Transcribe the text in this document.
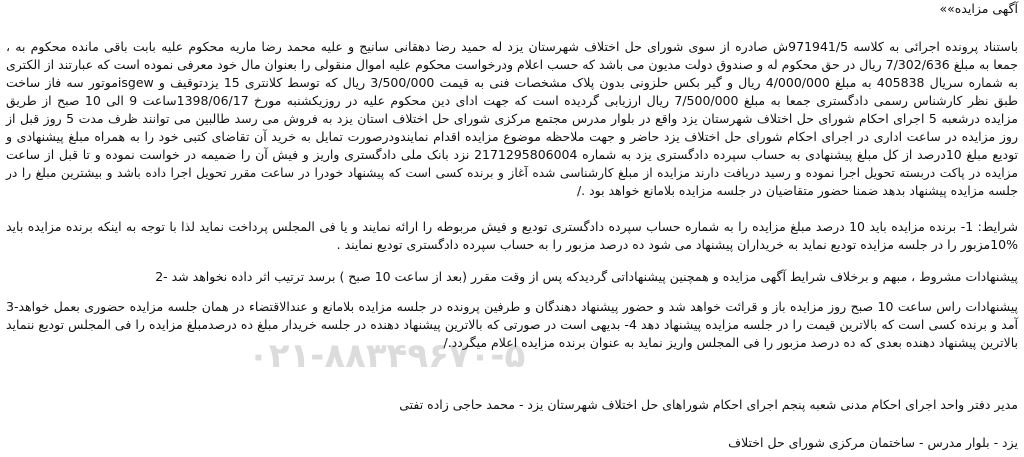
۰۲۱-۸۸۳۴۹۶۷۰-۵
آگهی مزایده»»
باستناد پرونده اجرائی به کلاسه 971941/5ش صادره از سوی شورای حل اختلاف شهرستان یزد له حمید رضا دهقانی سانیج و علیه محمد رضا ماریه محکوم علیه بابت باقی مانده محکوم به ،
جمعا به مبلغ 7/302/636 ریال در حق محکوم له و صندوق دولت مدیون می باشد که حسب اعلام ودرخواست محکوم علیه اموال منقولی را بعنوان مال خود معرفی نموده است که عبارتند از الکتری
به شماره سریال 405838 به مبلغ 4/000/000 ریال و گیر بکس حلزونی بدون پلاک مشخصات فنی به قیمت 3/500/000 ریال که توسط کلانتری 15 یزدتوقیف و isgewموتور سه فاز ساخت
طبق نظر کارشناس رسمی دادگستری جمعا به مبلغ 7/500/000 ریال ارزیابی گردیده است که جهت ادای دین محکوم علیه در روزیکشنبه مورخ 1398/06/17ساعت 9 الی 10 صبح از طریق
مزایده درشعبه 5 اجرای احکام شورای حل اختلاف شهرستان یزد واقع در بلوار مدرس مجتمع مرکزی شورای حل اختلاف استان یزد به فروش می رسد طالبین می توانند ظرف مدت 5 روز قبل از
روز مزایده در ساعت اداری در اجرای احکام شورای حل اختلاف یزد حاضر و جهت ملاحظه موضوع مزایده اقدام نمایندودرصورت تمایل به خرید آن تقاضای کتبی خود را به همراه مبلغ پیشنهادی و
تودیع مبلغ 10درصد از کل مبلغ پیشنهادی به حساب سپرده دادگستری یزد به شماره 2171295806004 نزد بانک ملی دادگستری واریز و فیش آن را ضمیمه در خواست نموده و تا قبل از ساعت
مزایده در پاکت دربسته تحویل اجرا نموده و رسید دریافت دارند مزایده از مبلغ کارشناسی شده آغاز و برنده کسی است که پیشنهاد خودرا در ساعت مقرر تحویل اجرا داده باشد و بیشترین مبلغ را در
جلسه مزایده پیشنهاد بدهد ضمنا حضور متقاضیان در جلسه مزایده بلامانع خواهد بود ./
شرایط: 1- برنده مزایده باید 10 درصد مبلغ مزایده را به شماره حساب سپرده دادگستری تودیع و فیش مربوطه را ارائه نمایند و یا فی المجلس پرداخت نماید لذا با توجه به اینکه برنده مزایده باید
10%مزبور را در جلسه مزایده تودیع نماید به خریداران پیشنهاد می شود ده درصد مزبور را به حساب سپرده دادگستری تودیع نمایند .
پیشنهادات مشروط ، مبهم و برخلاف شرایط آگهی مزایده و همچنین پیشنهاداتی گردیدکه پس از وقت مقرر (بعد از ساعت 10 صبح ) برسد ترتیب اثر داده نخواهد شد -2
پیشنهادات راس ساعت 10 صبح روز مزایده باز و قرائت خواهد شد و حضور پیشنهاد دهندگان و طرفین پرونده در جلسه مزایده بلامانع و عندالاقتضاء در همان جلسه مزایده حضوری بعمل خواهد-3
آمد و برنده کسی است که بالاترین قیمت را در جلسه مزایده پیشنهاد دهد 4- بدیهی است در صورتی که بالاترین پیشنهاد دهنده در جلسه خریدار مبلغ ده درصدمبلغ مزایده را فی المجلس تودیع ننماید
بالاترین پیشنهاد دهنده بعدی که ده درصد مزبور را فی المجلس واریز نماید به عنوان برنده مزایده اعلام میگردد./
مدیر دفتر واحد اجرای احکام مدنی شعبه پنجم اجرای احکام شوراهای حل اختلاف شهرستان یزد - محمد حاجی زاده تفتی
یزد - بلوار مدرس - ساختمان مرکزی شورای حل اختلاف
